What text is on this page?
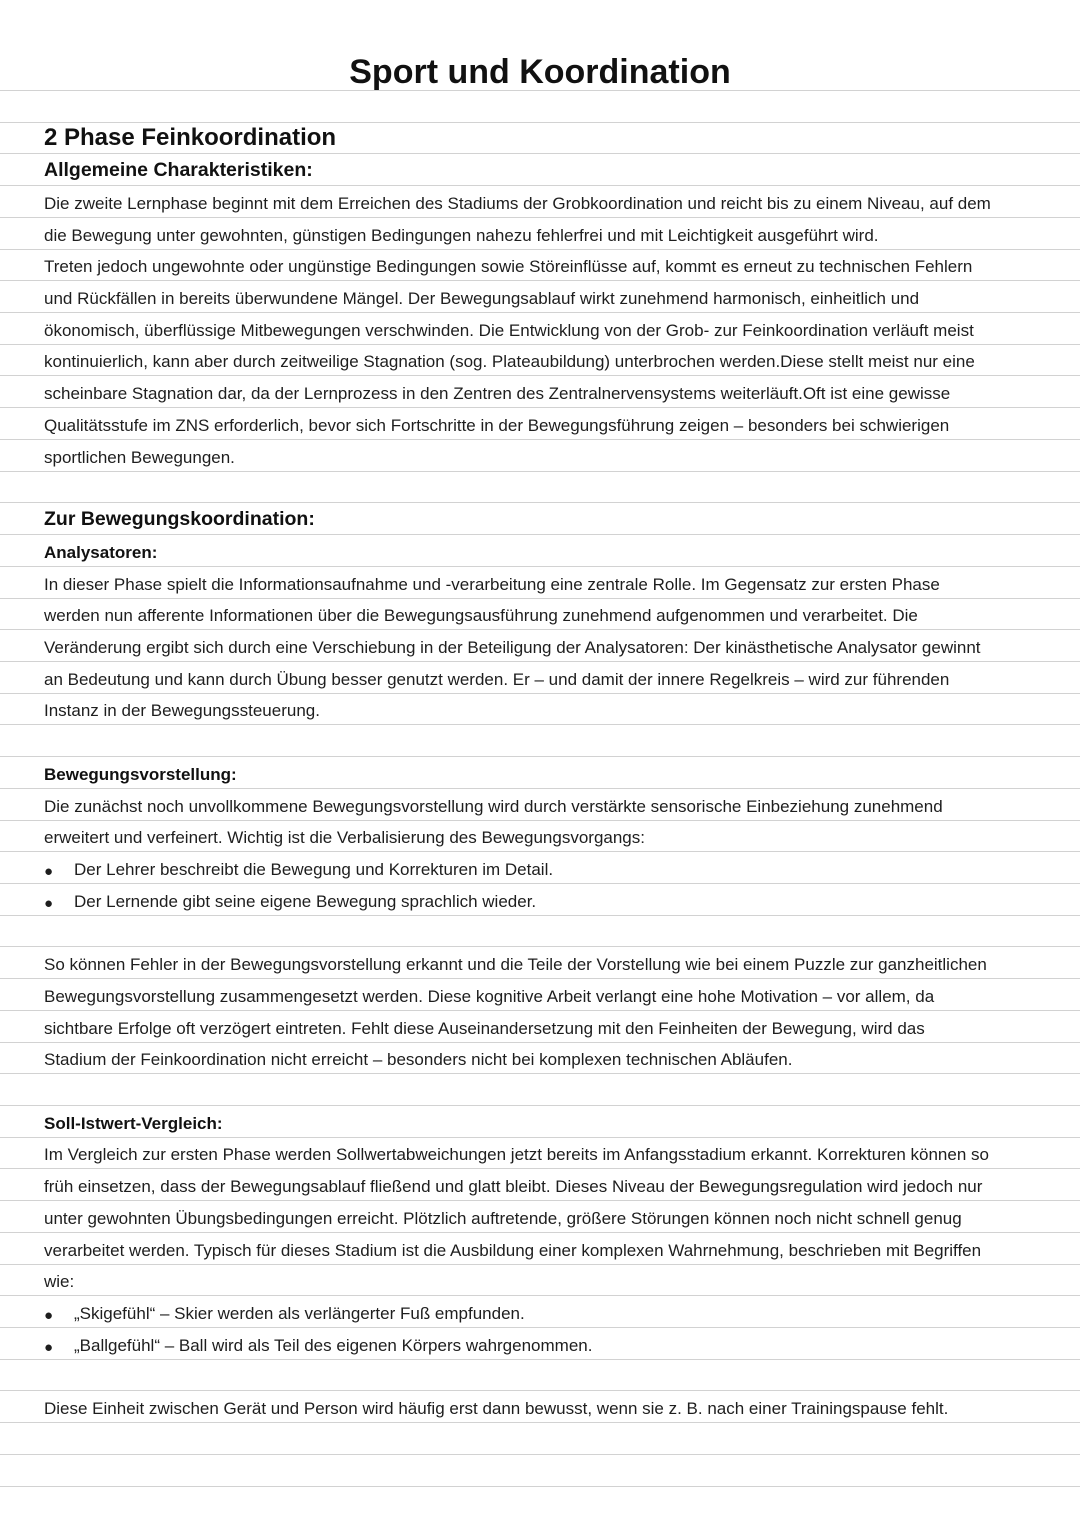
Sport und Koordination
2 Phase Feinkoordination
Allgemeine Charakteristiken:
Die zweite Lernphase beginnt mit dem Erreichen des Stadiums der Grobkoordination und reicht bis zu einem Niveau, auf dem
die Bewegung unter gewohnten, günstigen Bedingungen nahezu fehlerfrei und mit Leichtigkeit ausgeführt wird.
Treten jedoch ungewohnte oder ungünstige Bedingungen sowie Störeinflüsse auf, kommt es erneut zu technischen Fehlern
und Rückfällen in bereits überwundene Mängel. Der Bewegungsablauf wirkt zunehmend harmonisch, einheitlich und
ökonomisch, überflüssige Mitbewegungen verschwinden. Die Entwicklung von der Grob- zur Feinkoordination verläuft meist
kontinuierlich, kann aber durch zeitweilige Stagnation (sog. Plateaubildung) unterbrochen werden.Diese stellt meist nur eine
scheinbare Stagnation dar, da der Lernprozess in den Zentren des Zentralnervensystems weiterläuft.Oft ist eine gewisse
Qualitätsstufe im ZNS erforderlich, bevor sich Fortschritte in der Bewegungsführung zeigen – besonders bei schwierigen
sportlichen Bewegungen.
Zur Bewegungskoordination:
Analysatoren:
In dieser Phase spielt die Informationsaufnahme und -verarbeitung eine zentrale Rolle. Im Gegensatz zur ersten Phase
werden nun afferente Informationen über die Bewegungsausführung zunehmend aufgenommen und verarbeitet. Die
Veränderung ergibt sich durch eine Verschiebung in der Beteiligung der Analysatoren: Der kinästhetische Analysator gewinnt
an Bedeutung und kann durch Übung besser genutzt werden. Er – und damit der innere Regelkreis – wird zur führenden
Instanz in der Bewegungssteuerung.
Bewegungsvorstellung:
Die zunächst noch unvollkommene Bewegungsvorstellung wird durch verstärkte sensorische Einbeziehung zunehmend
erweitert und verfeinert. Wichtig ist die Verbalisierung des Bewegungsvorgangs:
● Der Lehrer beschreibt die Bewegung und Korrekturen im Detail.
● Der Lernende gibt seine eigene Bewegung sprachlich wieder.
So können Fehler in der Bewegungsvorstellung erkannt und die Teile der Vorstellung wie bei einem Puzzle zur ganzheitlichen
Bewegungsvorstellung zusammengesetzt werden. Diese kognitive Arbeit verlangt eine hohe Motivation – vor allem, da
sichtbare Erfolge oft verzögert eintreten. Fehlt diese Auseinandersetzung mit den Feinheiten der Bewegung, wird das
Stadium der Feinkoordination nicht erreicht – besonders nicht bei komplexen technischen Abläufen.
Soll-Istwert-Vergleich:
Im Vergleich zur ersten Phase werden Sollwertabweichungen jetzt bereits im Anfangsstadium erkannt. Korrekturen können so
früh einsetzen, dass der Bewegungsablauf fließend und glatt bleibt. Dieses Niveau der Bewegungsregulation wird jedoch nur
unter gewohnten Übungsbedingungen erreicht. Plötzlich auftretende, größere Störungen können noch nicht schnell genug
verarbeitet werden. Typisch für dieses Stadium ist die Ausbildung einer komplexen Wahrnehmung, beschrieben mit Begriffen
wie:
● „Skigefühl“ – Skier werden als verlängerter Fuß empfunden.
● „Ballgefühl“ – Ball wird als Teil des eigenen Körpers wahrgenommen.
Diese Einheit zwischen Gerät und Person wird häufig erst dann bewusst, wenn sie z. B. nach einer Trainingspause fehlt.
